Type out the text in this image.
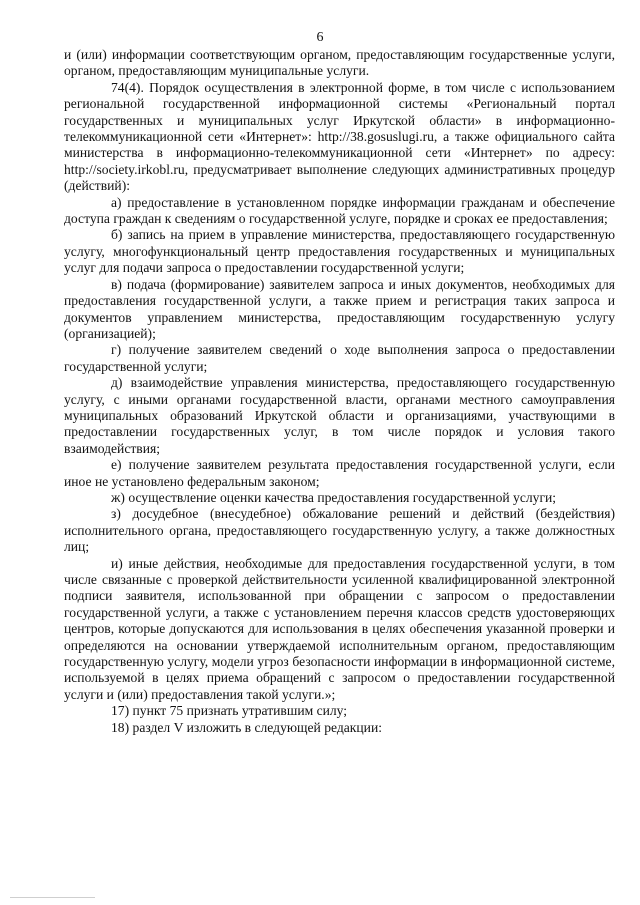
6

и (или) информации соответствующим органом, предоставляющим государственные услуги, органом, предоставляющим муниципальные услуги.

74(4). Порядок осуществления в электронной форме, в том числе с использованием региональной государственной информационной системы «Региональный портал государственных и муниципальных услуг Иркутской области» в информационно-телекоммуникационной сети «Интернет»: http://38.gosuslugi.ru, а также официального сайта министерства в информационно-телекоммуникационной сети «Интернет» по адресу: http://society.irkobl.ru, предусматривает выполнение следующих административных процедур (действий):

а) предоставление в установленном порядке информации гражданам и обеспечение доступа граждан к сведениям о государственной услуге, порядке и сроках ее предоставления;

б) запись на прием в управление министерства, предоставляющего государственную услугу, многофункциональный центр предоставления государственных и муниципальных услуг для подачи запроса о предоставлении государственной услуги;

в) подача (формирование) заявителем запроса и иных документов, необходимых для предоставления государственной услуги, а также прием и регистрация таких запроса и документов управлением министерства, предоставляющим государственную услугу (организацией);

г) получение заявителем сведений о ходе выполнения запроса о предоставлении государственной услуги;

д) взаимодействие управления министерства, предоставляющего государственную услугу, с иными органами государственной власти, органами местного самоуправления муниципальных образований Иркутской области и организациями, участвующими в предоставлении государственных услуг, в том числе порядок и условия такого взаимодействия;

е) получение заявителем результата предоставления государственной услуги, если иное не установлено федеральным законом;

ж) осуществление оценки качества предоставления государственной услуги;

з) досудебное (внесудебное) обжалование решений и действий (бездействия) исполнительного органа, предоставляющего государственную услугу, а также должностных лиц;

и) иные действия, необходимые для предоставления государственной услуги, в том числе связанные с проверкой действительности усиленной квалифицированной электронной подписи заявителя, использованной при обращении с запросом о предоставлении государственной услуги, а также с установлением перечня классов средств удостоверяющих центров, которые допускаются для использования в целях обеспечения указанной проверки и определяются на основании утверждаемой исполнительным органом, предоставляющим государственную услугу, модели угроз безопасности информации в информационной системе, используемой в целях приема обращений с запросом о предоставлении государственной услуги и (или) предоставления такой услуги.»;

17) пункт 75 признать утратившим силу;

18) раздел V изложить в следующей редакции:
